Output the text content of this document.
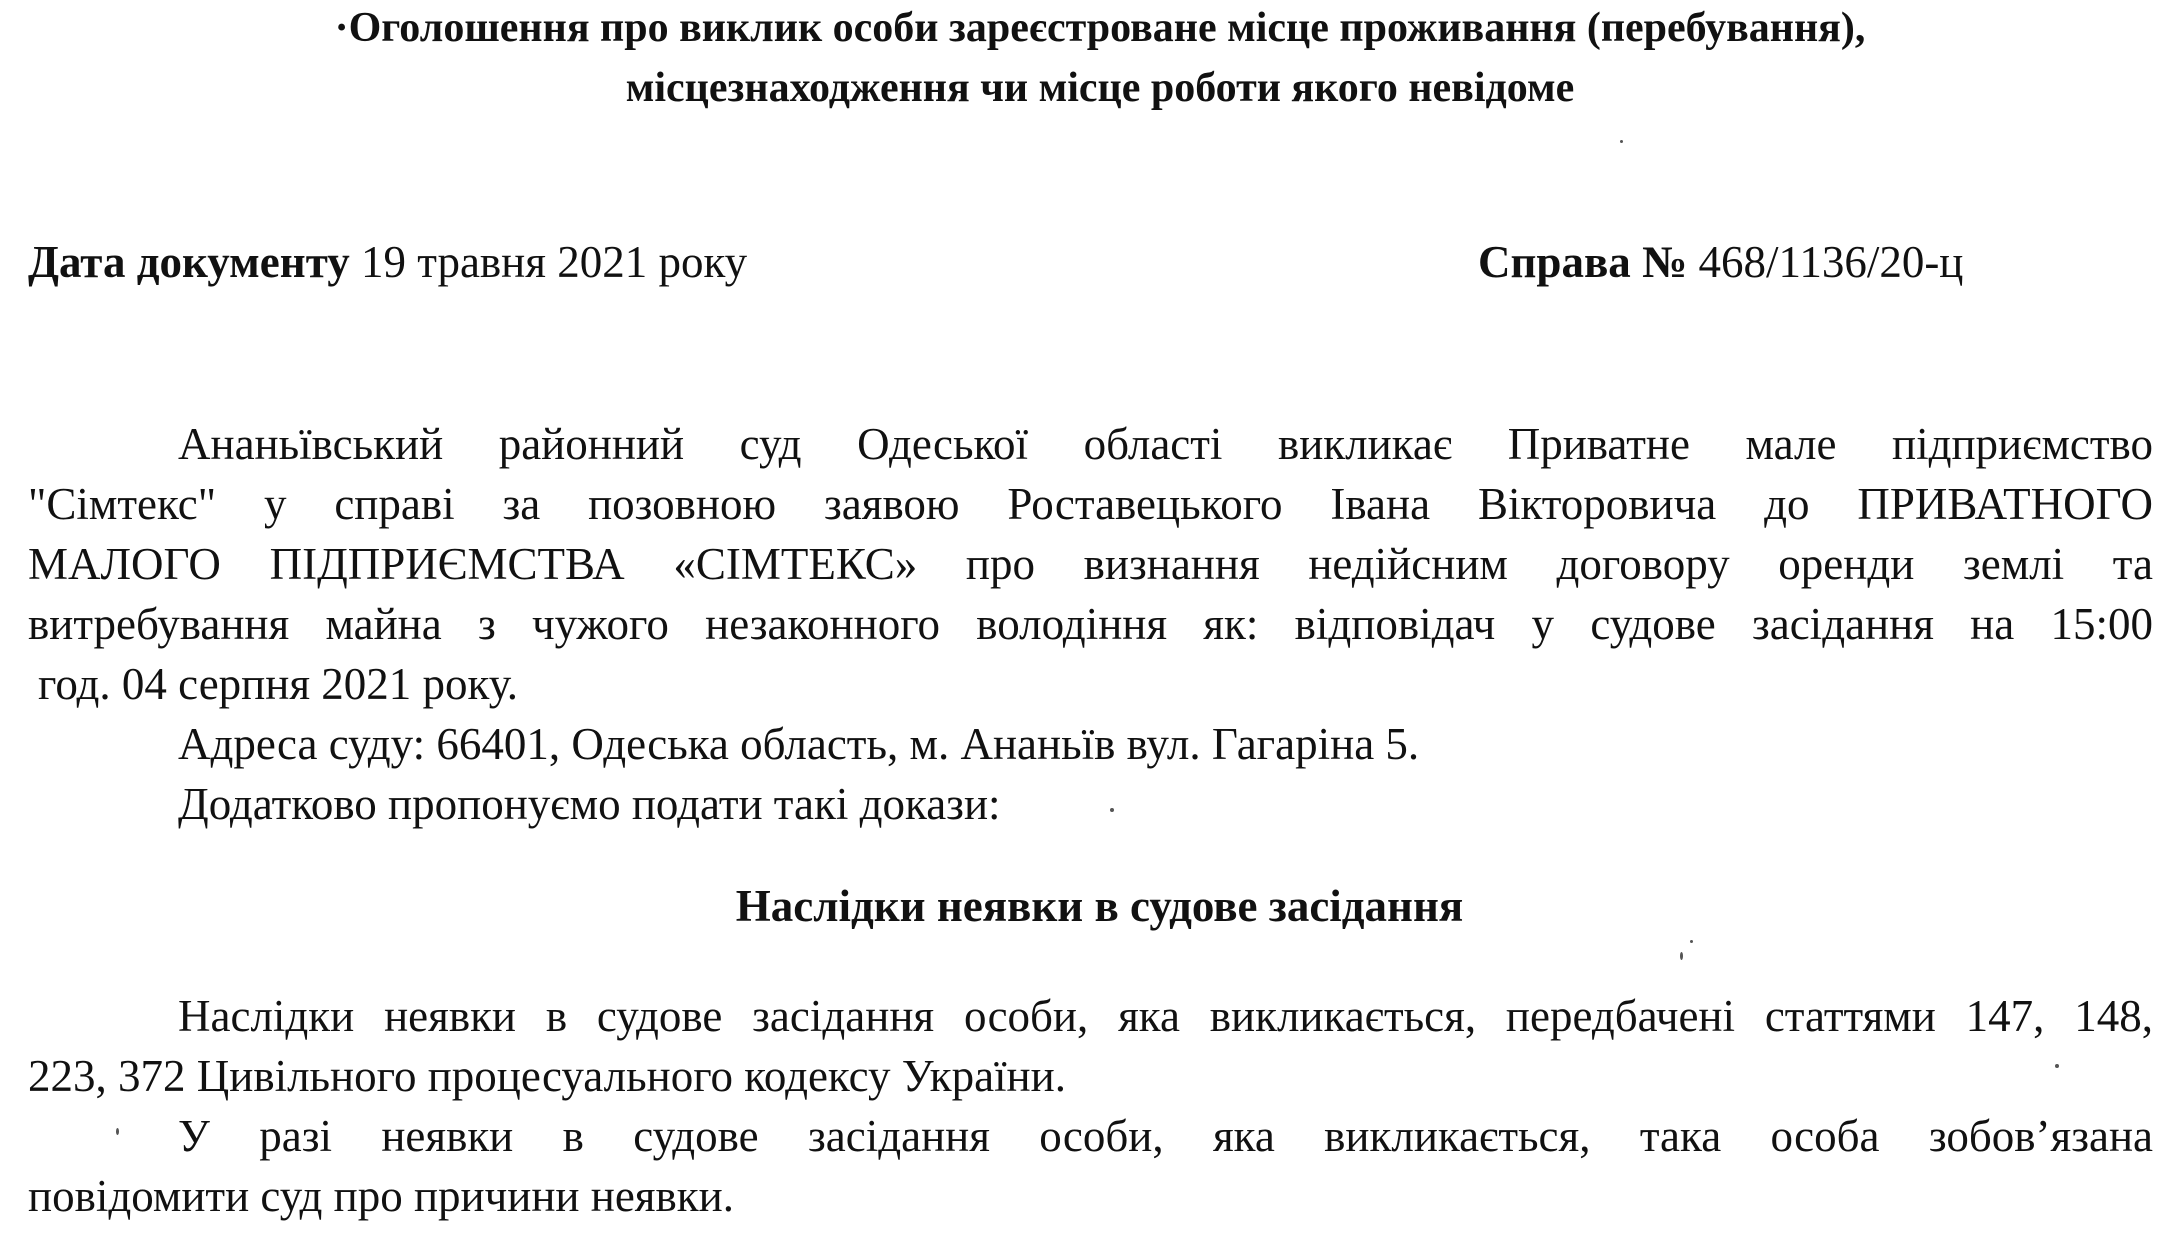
·Оголошення про виклик особи зареєстроване місце проживання (перебування),
місцезнаходження чи місце роботи якого невідоме
Дата документу 19 травня 2021 року	Справа № 468/1136/20-ц
Ананьївський районний суд Одеської області викликає Приватне мале підприємство
"Сімтекс" у справі за позовною заявою Роставецького Івана Вікторовича до ПРИВАТНОГО
МАЛОГО ПІДПРИЄМСТВА «СІМТЕКС» про визнання недійсним договору оренди землі та
витребування майна з чужого незаконного володіння як: відповідач у судове засідання на 15:00
год. 04 серпня 2021 року.
Адреса суду: 66401, Одеська область, м. Ананьїв вул. Гагаріна 5.
Додатково пропонуємо подати такі докази:
Наслідки неявки в судове засідання
Наслідки неявки в судове засідання особи, яка викликається, передбачені статтями 147, 148,
223, 372 Цивільного процесуального кодексу України.
У разі неявки в судове засідання особи, яка викликається, така особа зобов’язана
повідомити суд про причини неявки.
